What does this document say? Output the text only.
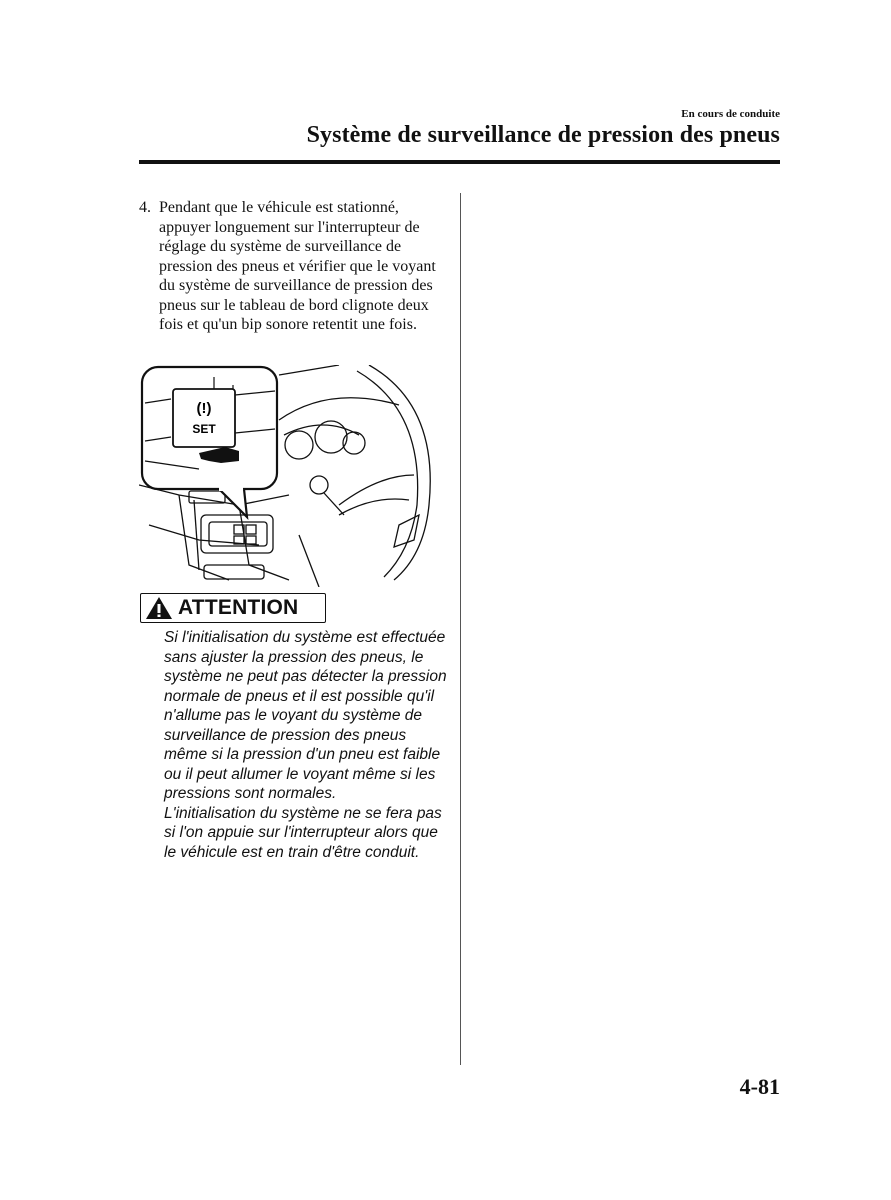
En cours de conduite
Système de surveillance de pression des pneus
4. Pendant que le véhicule est stationné, appuyer longuement sur l'interrupteur de réglage du système de surveillance de pression des pneus et vérifier que le voyant du système de surveillance de pression des pneus sur le tableau de bord clignote deux fois et qu'un bip sonore retentit une fois.
(!)
SET
ATTENTION

Si l'initialisation du système est effectuée sans ajuster la pression des pneus, le système ne peut pas détecter la pression normale de pneus et il est possible qu'il n'allume pas le voyant du système de surveillance de pression des pneus même si la pression d'un pneu est faible ou il peut allumer le voyant même si les pressions sont normales.

L'initialisation du système ne se fera pas si l'on appuie sur l'interrupteur alors que le véhicule est en train d'être conduit.

4-81
